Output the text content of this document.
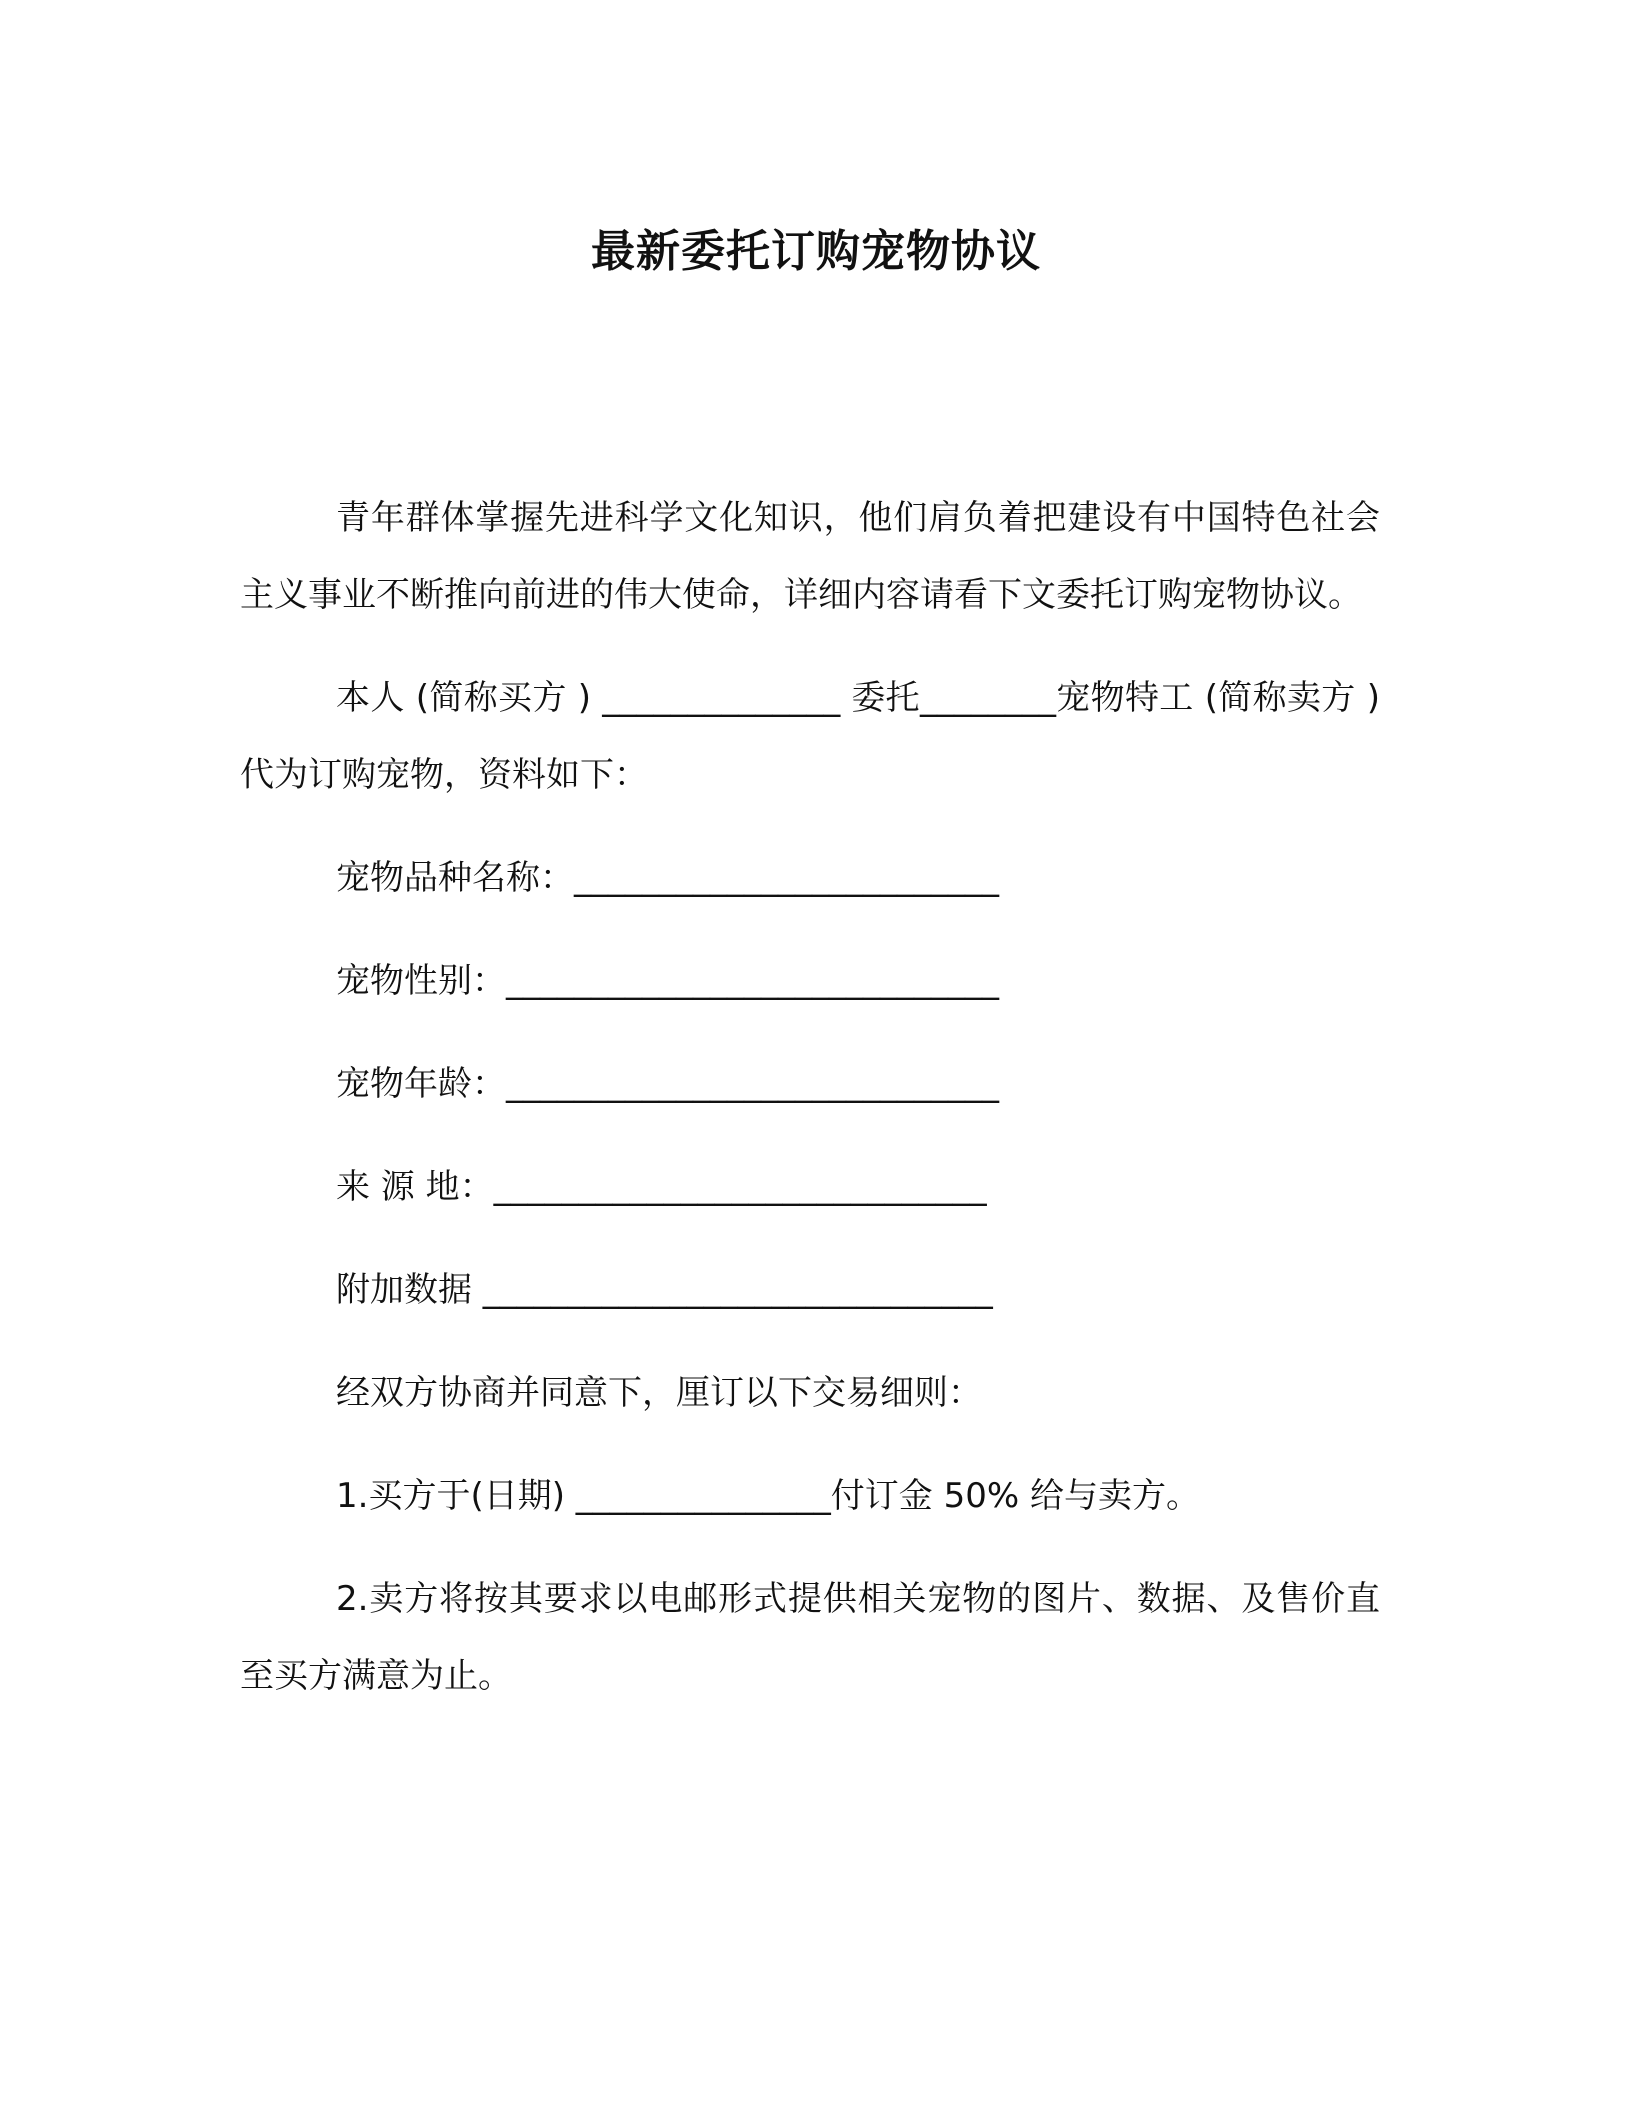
最新委托订购宠物协议

青年群体掌握先进科学文化知识，他们肩负着把建设有中国特色社会主义事业不断推向前进的伟大使命，详细内容请看下文委托订购宠物协议。

本人 (简称买方 ) ______________ 委托________宠物特工 (简称卖方 ) 代为订购宠物，资料如下：

宠物品种名称：_________________________

宠物性别：_____________________________

宠物年龄：_____________________________

来 源 地：_____________________________

附加数据 ______________________________

经双方协商并同意下，厘订以下交易细则：

1.买方于(日期) _______________付订金 50% 给与卖方。

2.卖方将按其要求以电邮形式提供相关宠物的图片、数据、及售价直至买方满意为止。
